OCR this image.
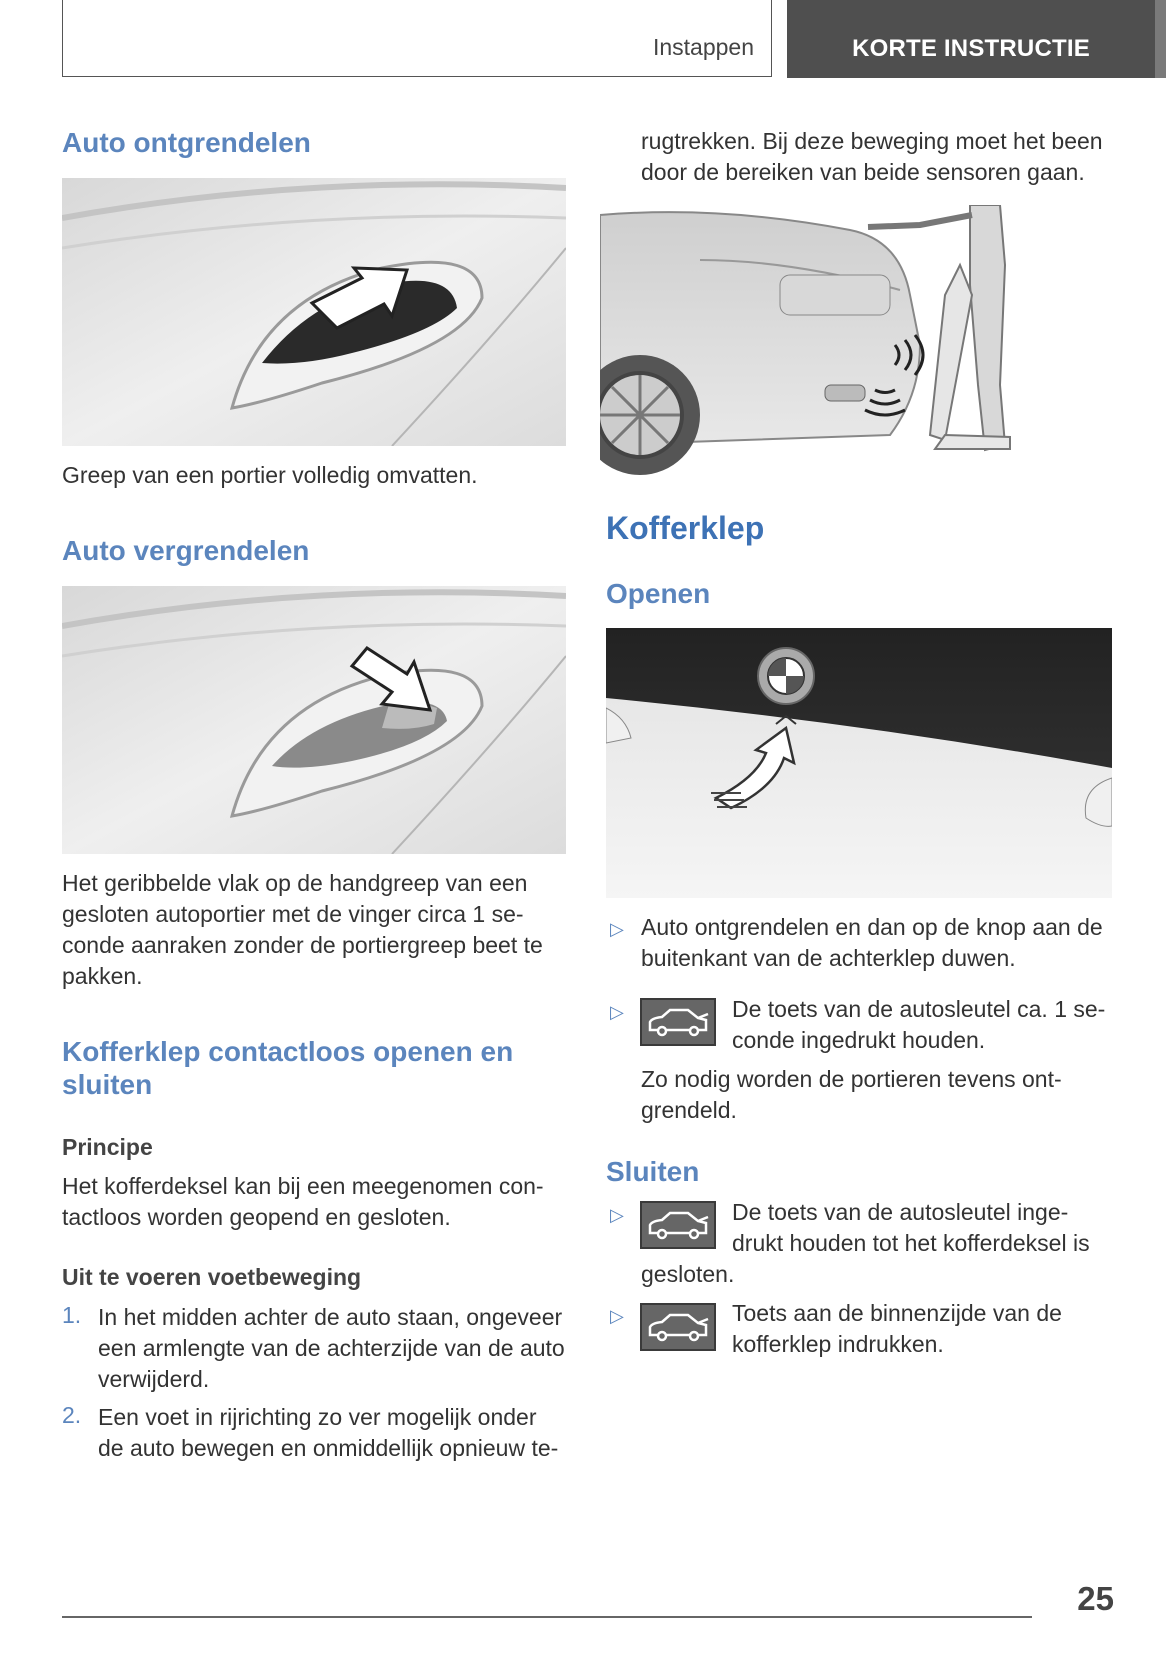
Instappen	KORTE INSTRUCTIE
Auto ontgrendelen
Greep van een portier volledig omvatten.
Auto vergrendelen
Het geribbelde vlak op de handgreep van een
gesloten autoportier met de vinger circa 1 se-
conde aanraken zonder de portiergreep beet te
pakken.
Kofferklep contactloos openen en
sluiten
Principe
Het kofferdeksel kan bij een meegenomen con-
tactloos worden geopend en gesloten.
Uit te voeren voetbeweging
1. In het midden achter de auto staan, ongeveer
een armlengte van de achterzijde van de auto
verwijderd.
2. Een voet in rijrichting zo ver mogelijk onder
de auto bewegen en onmiddellijk opnieuw te-
rugtrekken. Bij deze beweging moet het been
door de bereiken van beide sensoren gaan.
Kofferklep
Openen
▷ Auto ontgrendelen en dan op de knop aan de
buitenkant van de achterklep duwen.
▷	De toets van de autosleutel ca. 1 se-
conde ingedrukt houden.
Zo nodig worden de portieren tevens ont-
grendeld.
Sluiten
▷	De toets van de autosleutel inge-
drukt houden tot het kofferdeksel is
gesloten.
▷	Toets aan de binnenzijde van de
kofferklep indrukken.
25
